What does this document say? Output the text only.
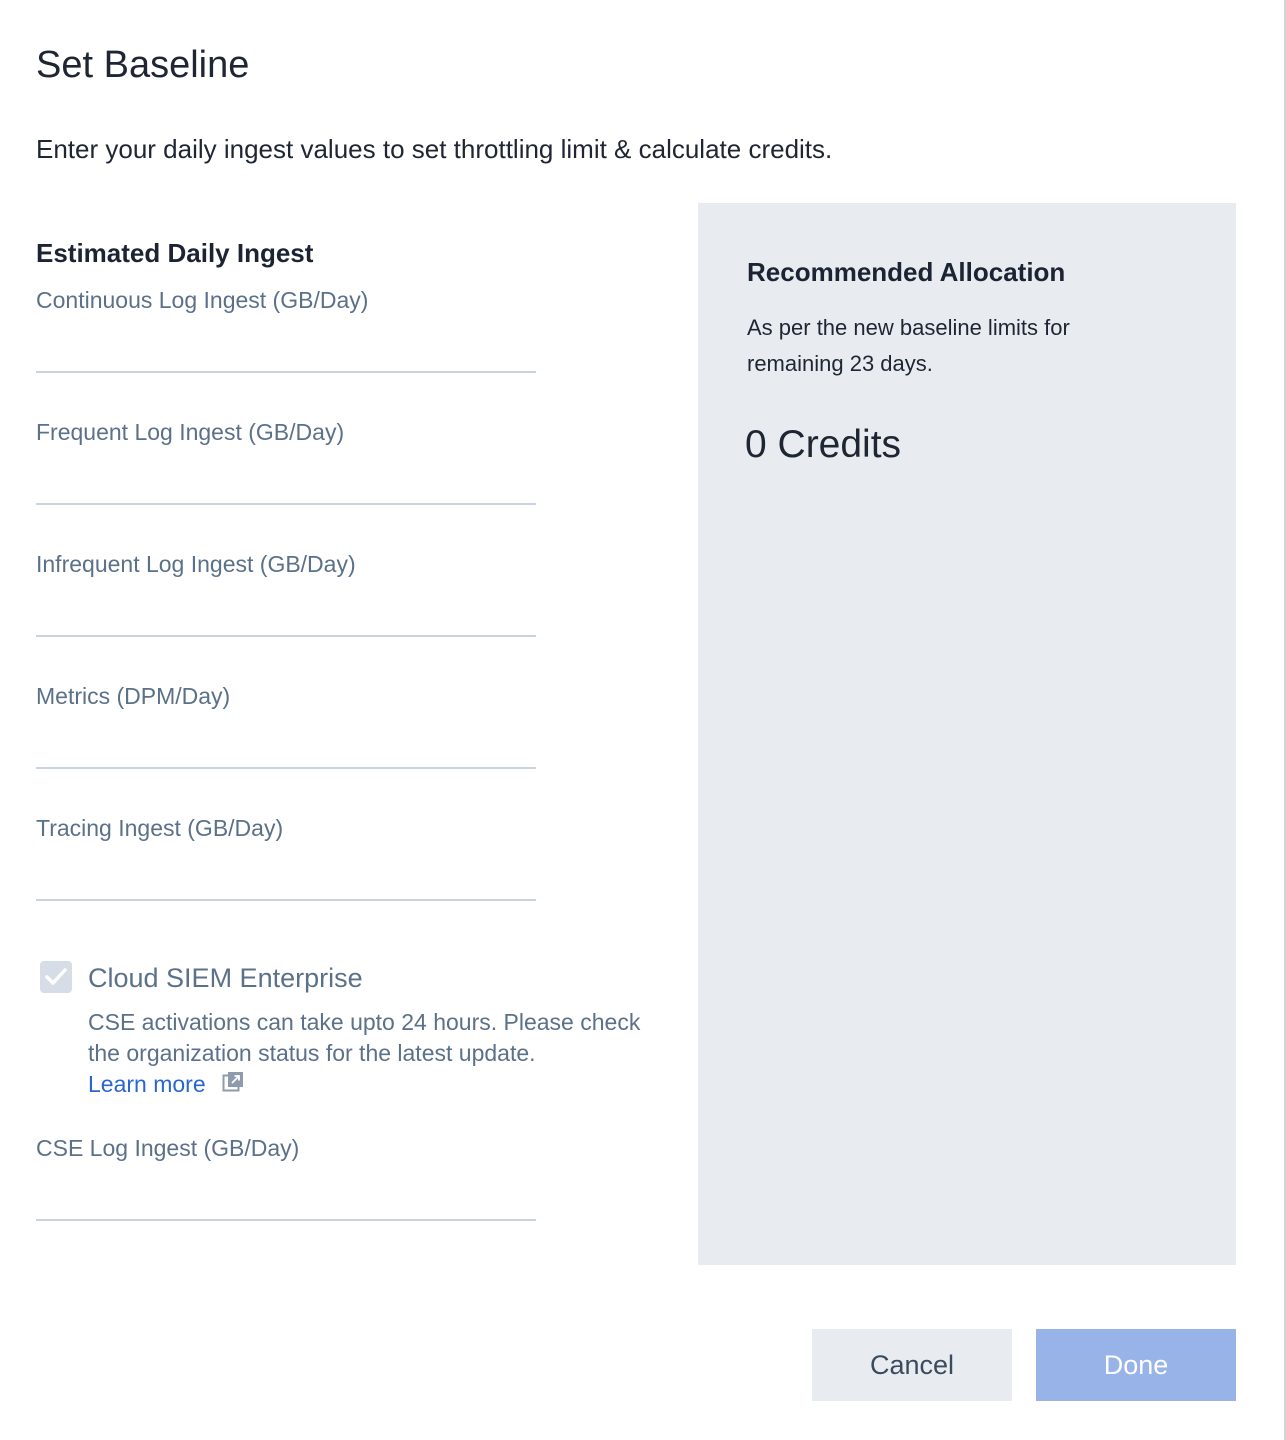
Set Baseline

Enter your daily ingest values to set throttling limit & calculate credits.

Estimated Daily Ingest
Continuous Log Ingest (GB/Day)
Frequent Log Ingest (GB/Day)
Infrequent Log Ingest (GB/Day)
Metrics (DPM/Day)
Tracing Ingest (GB/Day)
Cloud SIEM Enterprise

CSE activations can take upto 24 hours. Please check the organization status for the latest update.

Learn more
CSE Log Ingest (GB/Day)
Recommended Allocation

As per the new baseline limits for remaining 23 days.

0 Credits
Cancel	Done
